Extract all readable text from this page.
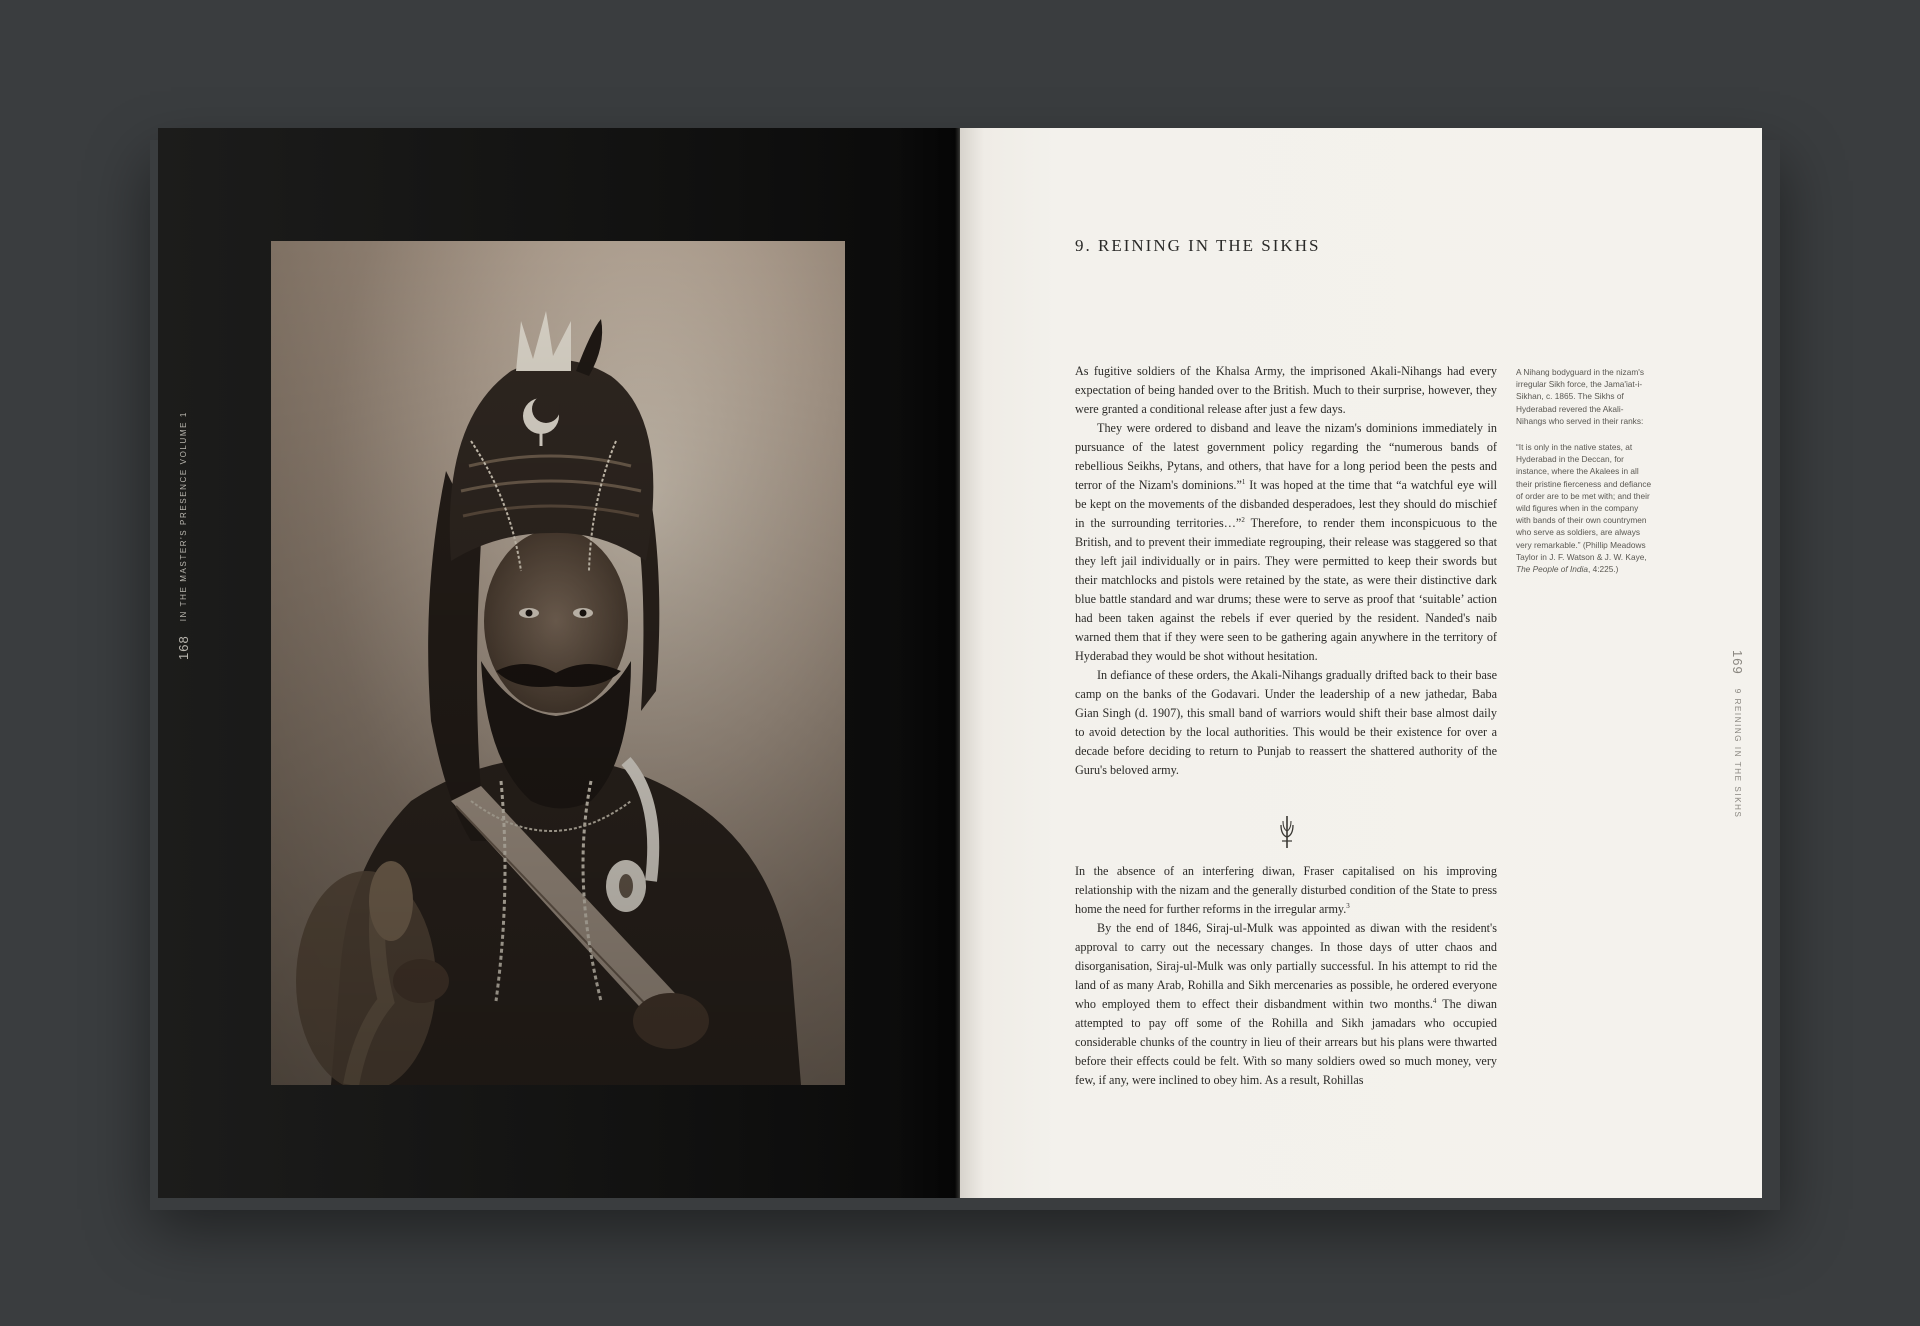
168
IN THE MASTER'S PRESENCE VOLUME 1
9. REINING IN THE SIKHS

As fugitive soldiers of the Khalsa Army, the imprisoned Akali-Nihangs had every expectation of being handed over to the British. Much to their surprise, however, they were granted a conditional release after just a few days.

They were ordered to disband and leave the nizam's dominions immediately in pursuance of the latest government policy regarding the “numerous bands of rebellious Seikhs, Pytans, and others, that have for a long period been the pests and terror of the Nizam's dominions.”$^1$ It was hoped at the time that “a watchful eye will be kept on the movements of the disbanded desperadoes, lest they should do mischief in the surrounding territories…”$^2$ Therefore, to render them inconspicuous to the British, and to prevent their immediate regrouping, their release was staggered so that they left jail individually or in pairs. They were permitted to keep their swords but their matchlocks and pistols were retained by the state, as were their distinctive dark blue battle standard and war drums; these were to serve as proof that ‘suitable’ action had been taken against the rebels if ever queried by the resident. Nanded's naib warned them that if they were seen to be gathering again anywhere in the territory of Hyderabad they would be shot without hesitation.

In defiance of these orders, the Akali-Nihangs gradually drifted back to their base camp on the banks of the Godavari. Under the leadership of a new jathedar, Baba Gian Singh (d. 1907), this small band of warriors would shift their base almost daily to avoid detection by the local authorities. This would be their existence for over a decade before deciding to return to Punjab to reassert the shattered authority of the Guru's beloved army.

In the absence of an interfering diwan, Fraser capitalised on his improving relationship with the nizam and the generally disturbed condition of the State to press home the need for further reforms in the irregular army.$^3$

By the end of 1846, Siraj-ul-Mulk was appointed as diwan with the resident's approval to carry out the necessary changes. In those days of utter chaos and disorganisation, Siraj-ul-Mulk was only partially successful. In his attempt to rid the land of as many Arab, Rohilla and Sikh mercenaries as possible, he ordered everyone who employed them to effect their disbandment within two months.$^4$ The diwan attempted to pay off some of the Rohilla and Sikh jamadars who occupied considerable chunks of the country in lieu of their arrears but his plans were thwarted before their effects could be felt. With so many soldiers owed so much money, very few, if any, were inclined to obey him. As a result, Rohillas

A Nihang bodyguard in the nizam's irregular Sikh force, the Jama'iat-i-Sikhan, c. 1865. The Sikhs of Hyderabad revered the Akali-Nihangs who served in their ranks:

“It is only in the native states, at Hyderabad in the Deccan, for instance, where the Akalees in all their pristine fierceness and defiance of order are to be met with; and their wild figures when in the company with bands of their own countrymen who serve as soldiers, are always very remarkable.” (Phillip Meadows Taylor in J. F. Watson & J. W. Kaye, The People of India, 4:225.)

169
9 REINING IN THE SIKHS
